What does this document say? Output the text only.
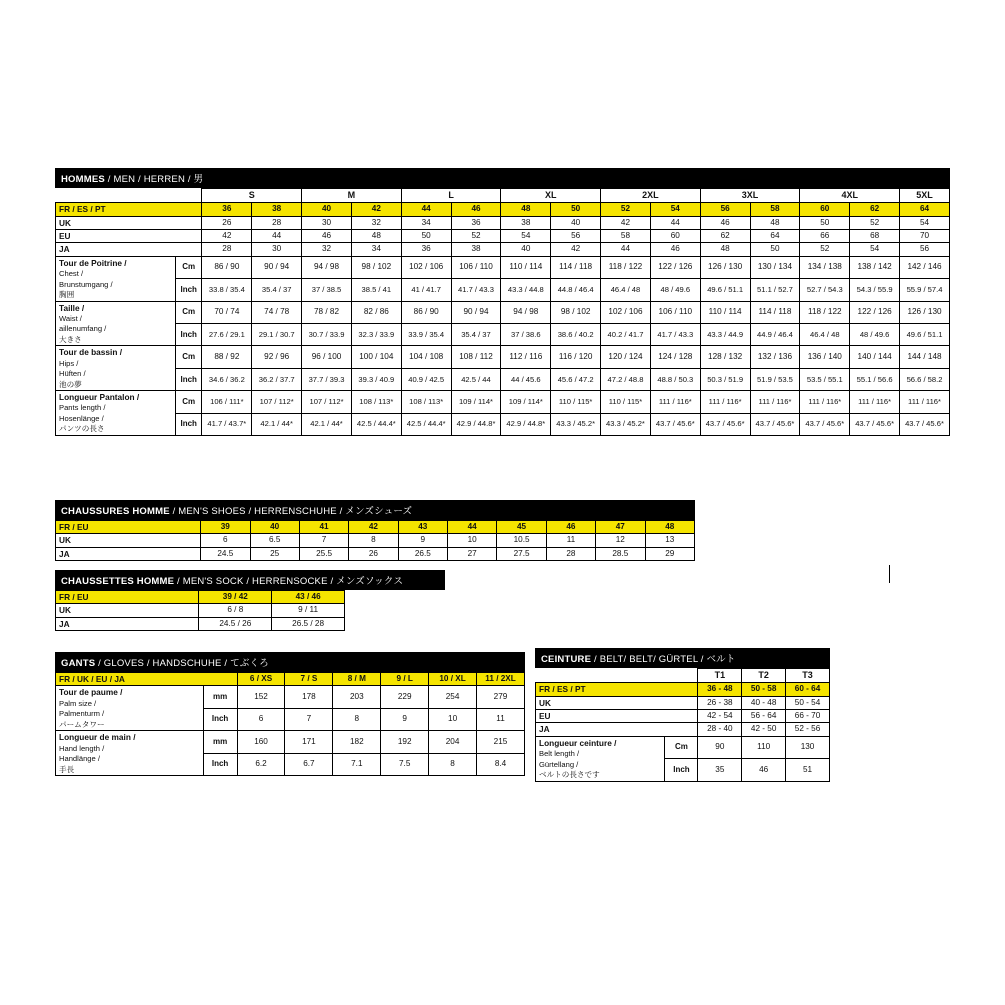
HOMMES / MEN / HERREN / 男
		S		M		L		XL		2XL		3XL		4XL		5XL
FR / ES / PT		36	38	40	42	44	46	48	50	52	54	56	58	60	62	64
UK		26	28	30	32	34	36	38	40	42	44	46	48	50	52	54
EU		42	44	46	48	50	52	54	56	58	60	62	64	66	68	70
JA		28	30	32	34	36	38	40	42	44	46	48	50	52	54	56
Tour de Poitrine /
Chest /
Brunstumgang /
胸囲	Cm	86 / 90	90 / 94	94 / 98	98 / 102	102 / 106	106 / 110	110 / 114	114 / 118	118 / 122	122 / 126	126 / 130	130 / 134	134 / 138	138 / 142	142 / 146
	Inch	33.8 / 35.4	35.4 / 37	37 / 38.5	38.5 / 41	41 / 41.7	41.7 / 43.3	43.3 / 44.8	44.8 / 46.4	46.4 / 48	48 / 49.6	49.6 / 51.1	51.1 / 52.7	52.7 / 54.3	54.3 / 55.9	55.9 / 57.4
Taille /
Waist /
aillenumfang /
大きさ	Cm	70 / 74	74 / 78	78 / 82	82 / 86	86 / 90	90 / 94	94 / 98	98 / 102	102 / 106	106 / 110	110 / 114	114 / 118	118 / 122	122 / 126	126 / 130
	Inch	27.6 / 29.1	29.1 / 30.7	30.7 / 33.9	32.3 / 33.9	33.9 / 35.4	35.4 / 37	37 / 38.6	38.6 / 40.2	40.2 / 41.7	41.7 / 43.3	43.3 / 44.9	44.9 / 46.4	46.4 / 48	48 / 49.6	49.6 / 51.1
Tour de bassin /
Hips /
Hüften /
池の夢	Cm	88 / 92	92 / 96	96 / 100	100 / 104	104 / 108	108 / 112	112 / 116	116 / 120	120 / 124	124 / 128	128 / 132	132 / 136	136 / 140	140 / 144	144 / 148
	Inch	34.6 / 36.2	36.2 / 37.7	37.7 / 39.3	39.3 / 40.9	40.9 / 42.5	42.5 / 44	44 / 45.6	45.6 / 47.2	47.2 / 48.8	48.8 / 50.3	50.3 / 51.9	51.9 / 53.5	53.5 / 55.1	55.1 / 56.6	56.6 / 58.2
Longueur Pantalon /
Pants length /
Hosenlänge /
パンツの長さ	Cm	106 / 111*	107 / 112*	107 / 112*	108 / 113*	108 / 113*	109 / 114*	109 / 114*	110 / 115*	110 / 115*	111 / 116*	111 / 116*	111 / 116*	111 / 116*	111 / 116*	111 / 116*
	Inch	41.7 / 43.7*	42.1 / 44*	42.1 / 44*	42.5 / 44.4*	42.5 / 44.4*	42.9 / 44.8*	42.9 / 44.8*	43.3 / 45.2*	43.3 / 45.2*	43.7 / 45.6*	43.7 / 45.6*	43.7 / 45.6*	43.7 / 45.6*	43.7 / 45.6*	43.7 / 45.6*
CHAUSSURES HOMME / MEN'S SHOES / HERRENSCHUHE / メンズシューズ
FR / EU	39	40	41	42	43	44	45	46	47	48
UK	6	6.5	7	8	9	10	10.5	11	12	13
JA	24.5	25	25.5	26	26.5	27	27.5	28	28.5	29
CHAUSSETTES HOMME / MEN'S SOCK / HERRENSOCKE / メンズソックス
FR / EU	39 / 42	43 / 46
UK	6 / 8	9 / 11
JA	24.5 / 26	26.5 / 28
GANTS / GLOVES / HANDSCHUHE / てぶくろ
FR / UK / EU / JA		6 / XS	7 / S	8 / M	9 / L	10 / XL	11 / 2XL
Tour de paume /
Palm size /
Palmenturm /
パームタワー	mm	152	178	203	229	254	279
	Inch	6	7	8	9	10	11
Longueur de main /
Hand length /
Handlänge /
手長	mm	160	171	182	192	204	215
	Inch	6.2	6.7	7.1	7.5	8	8.4
CEINTURE / BELT/ BELT/ GÜRTEL / ベルト
		T1	T2	T3
FR / ES / PT		36 - 48	50 - 58	60 - 64
UK		26 - 38	40 - 48	50 - 54
EU		42 - 54	56 - 64	66 - 70
JA		28 - 40	42 - 50	52 - 56
Longueur ceinture /
Belt length /
Gürtellang /
ベルトの長さです	Cm	90	110	130
	Inch	35	46	51
